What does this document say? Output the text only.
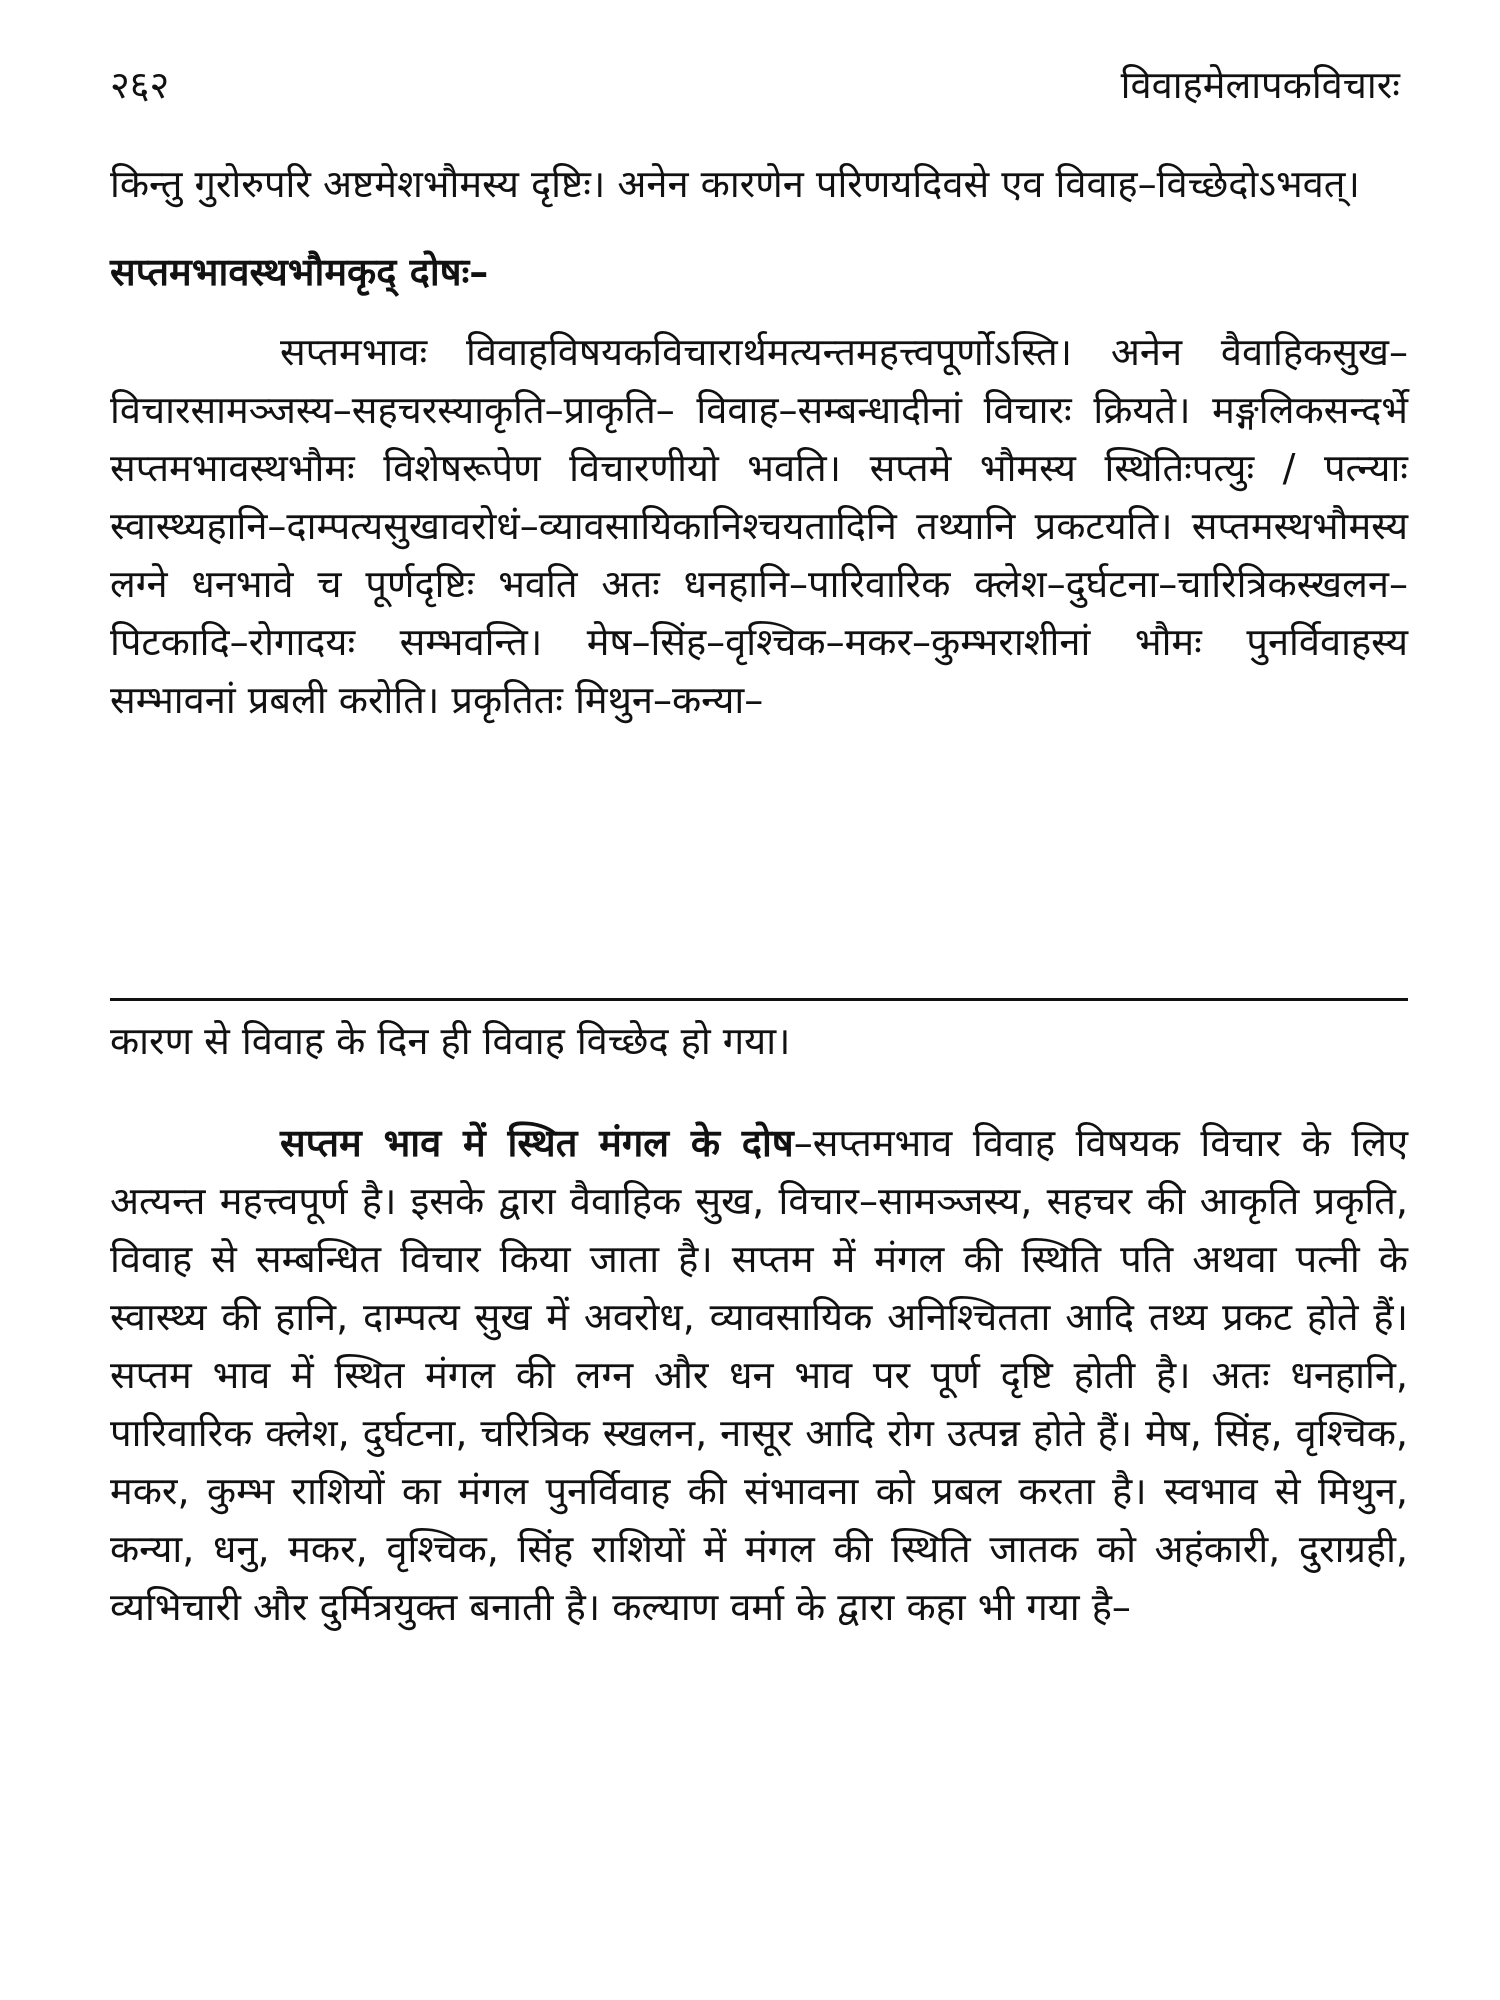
२६२	विवाहमेलापकविचारः

किन्तु गुरोरुपरि अष्टमेशभौमस्य दृष्टिः। अनेन कारणेन परिणयदिवसे एव विवाह–विच्छेदोऽभवत्।

सप्तमभावस्थभौमकृद् दोषः–

सप्तमभावः विवाहविषयकविचारार्थमत्यन्तमहत्त्वपूर्णोऽस्ति। अनेन वैवाहिकसुख–विचारसामञ्जस्य–सहचरस्याकृति–प्राकृति– विवाह–सम्बन्धादीनां विचारः क्रियते। मङ्गलिकसन्दर्भे सप्तमभावस्थभौमः विशेषरूपेण विचारणीयो भवति। सप्तमे भौमस्य स्थितिःपत्युः / पत्न्याः स्वास्थ्यहानि–दाम्पत्यसुखावरोधं–व्यावसायिकानिश्चयतादिनि तथ्यानि प्रकटयति। सप्तमस्थभौमस्य लग्ने धनभावे च पूर्णदृष्टिः भवति अतः धनहानि–पारिवारिक क्लेश–दुर्घटना–चारित्रिकस्खलन–पिटकादि–रोगादयः सम्भवन्ति। मेष–सिंह–वृश्चिक–मकर–कुम्भराशीनां भौमः पुनर्विवाहस्य सम्भावनां प्रबली करोति। प्रकृतितः मिथुन–कन्या–

कारण से विवाह के दिन ही विवाह विच्छेद हो गया।

सप्तम भाव में स्थित मंगल के दोष–सप्तमभाव विवाह विषयक विचार के लिए अत्यन्त महत्त्वपूर्ण है। इसके द्वारा वैवाहिक सुख, विचार–सामञ्जस्य, सहचर की आकृति प्रकृति, विवाह से सम्बन्धित विचार किया जाता है। सप्तम में मंगल की स्थिति पति अथवा पत्नी के स्वास्थ्य की हानि, दाम्पत्य सुख में अवरोध, व्यावसायिक अनिश्चितता आदि तथ्य प्रकट होते हैं। सप्तम भाव में स्थित मंगल की लग्न और धन भाव पर पूर्ण दृष्टि होती है। अतः धनहानि, पारिवारिक क्लेश, दुर्घटना, चरित्रिक स्खलन, नासूर आदि रोग उत्पन्न होते हैं। मेष, सिंह, वृश्चिक, मकर, कुम्भ राशियों का मंगल पुनर्विवाह की संभावना को प्रबल करता है। स्वभाव से मिथुन, कन्या, धनु, मकर, वृश्चिक, सिंह राशियों में मंगल की स्थिति जातक को अहंकारी, दुराग्रही, व्यभिचारी और दुर्मित्रयुक्त बनाती है। कल्याण वर्मा के द्वारा कहा भी गया है–
